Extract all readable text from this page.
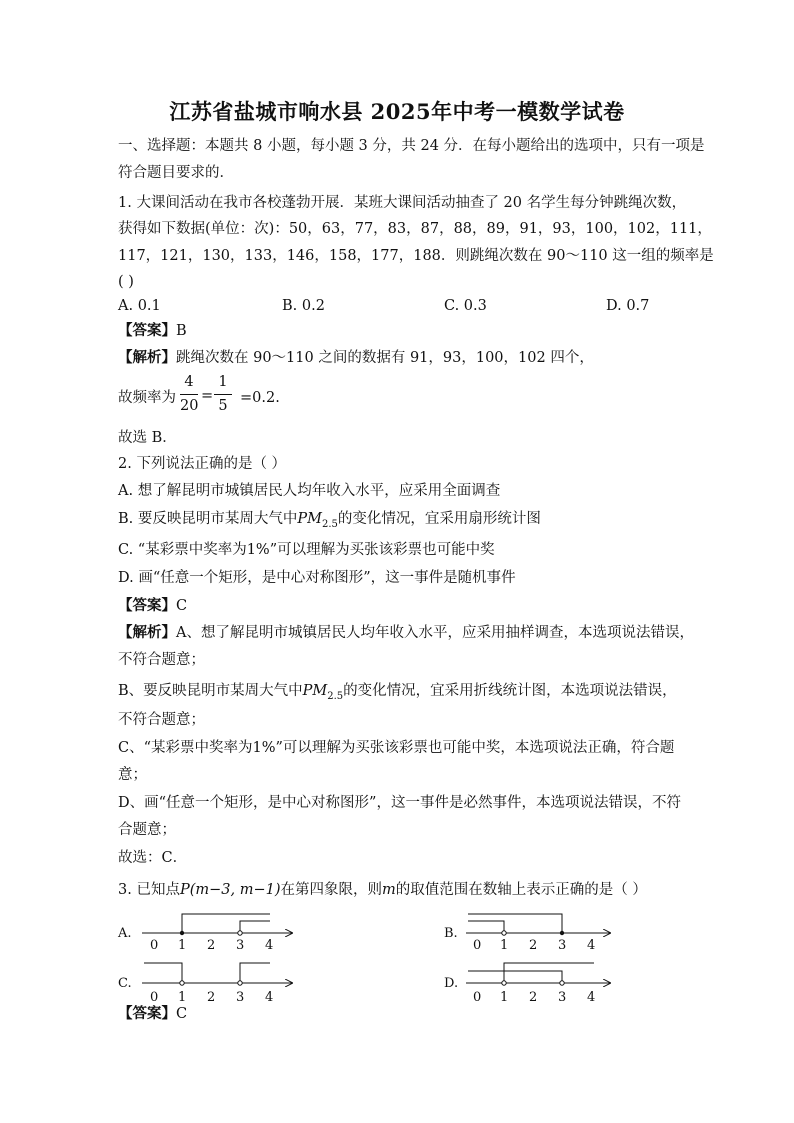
江苏省盐城市响水县 2025年中考一模数学试卷
一、选择题：本题共 8 小题，每小题 3 分，共 24 分．在每小题给出的选项中，只有一项是
符合题目要求的．
1. 大课间活动在我市各校蓬勃开展．某班大课间活动抽查了 20 名学生每分钟跳绳次数，
获得如下数据(单位：次)：50，63，77，83，87，88，89，91，93，100，102，111，
117，121，130，133，146，158，177，188．则跳绳次数在 90～110 这一组的频率是
( )
A. 0.1	B. 0.2	C. 0.3	D. 0.7
【答案】B
【解析】跳绳次数在 90～110 之间的数据有 91，93，100，102 四个，
故频率为
4
20
=
1
5 =0.2.
故选 B．
2. 下列说法正确的是（ ）
A. 想了解昆明市城镇居民人均年收入水平，应采用全面调查
B. 要反映昆明市某周大气中$PM_{2.5}$的变化情况，宜采用扇形统计图
C. “某彩票中奖率为1%”可以理解为买张该彩票也可能中奖
D. 画“任意一个矩形，是中心对称图形”，这一事件是随机事件
【答案】C
【解析】A、想了解昆明市城镇居民人均年收入水平，应采用抽样调查，本选项说法错误，
不符合题意；
B、要反映昆明市某周大气中$PM_{2.5}$的变化情况，宜采用折线统计图，本选项说法错误，
不符合题意；
C、“某彩票中奖率为1%”可以理解为买张该彩票也可能中奖，本选项说法正确，符合题
意；
D、画“任意一个矩形，是中心对称图形”，这一事件是必然事件，本选项说法错误，不符
合题意；
故选：C．
3. 已知点P(m−3, m−1)在第四象限，则m的取值范围在数轴上表示正确的是（ ）
A.
0 1 2 3 4
B.
0 1 2 3 4
C.
0 1 2 3 4
D.
0 1 2 3 4
【答案】C
